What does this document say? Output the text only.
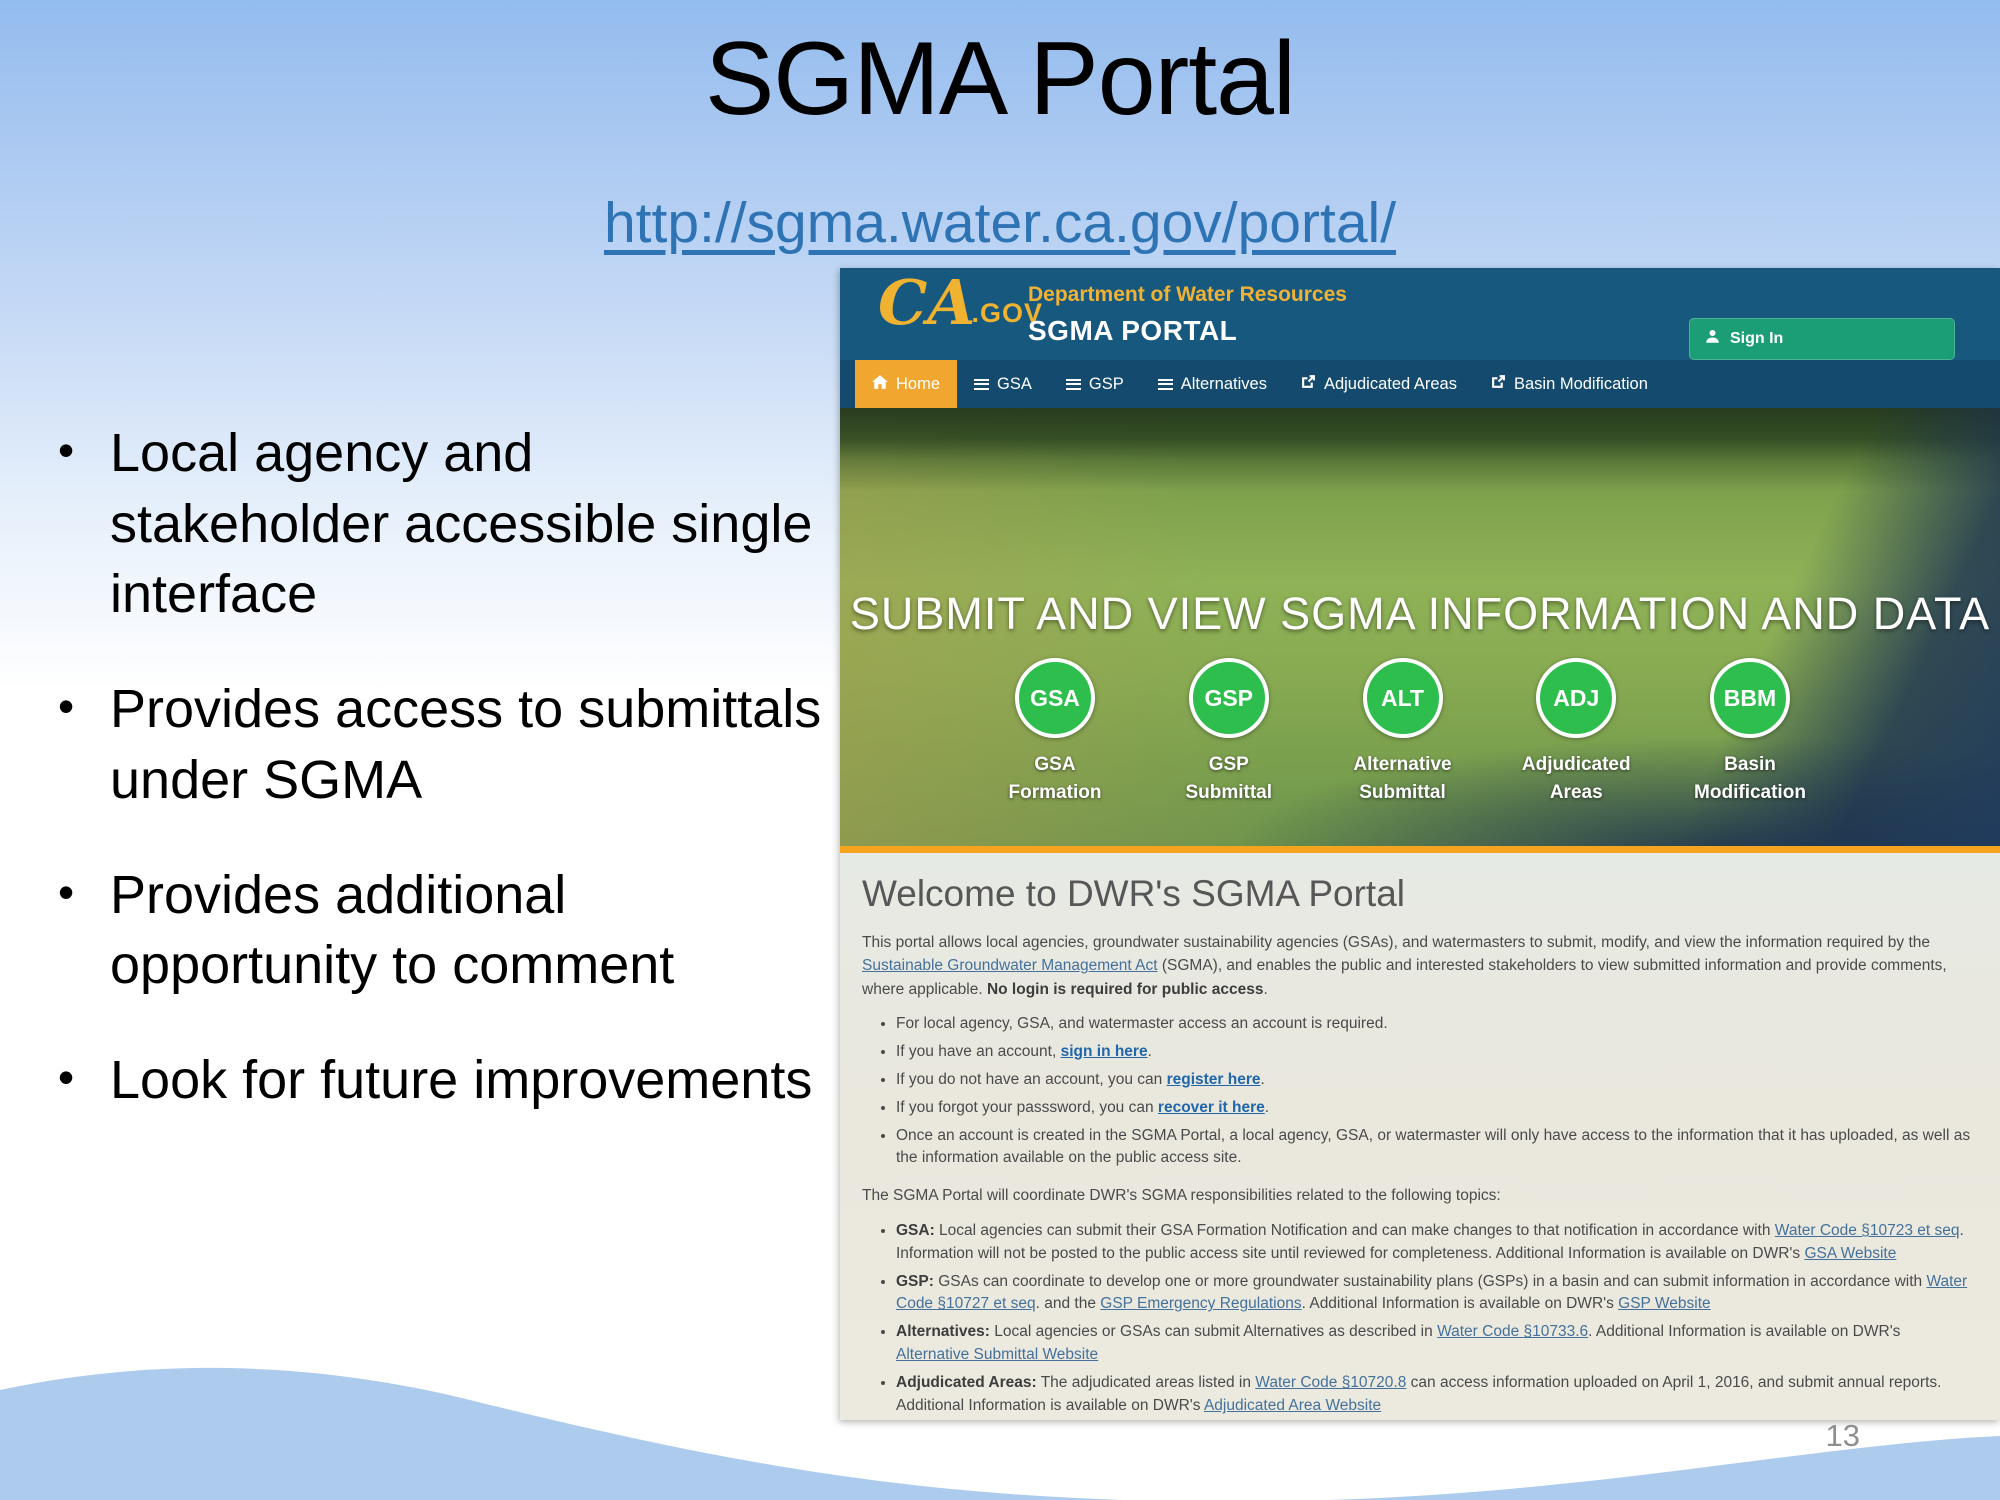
SGMA Portal
http://sgma.water.ca.gov/portal/
• Local agency and stakeholder accessible single interface
• Provides access to submittals under SGMA
• Provides additional opportunity to comment
• Look for future improvements
CA
.GOV
Department of Water Resources
SGMA PORTAL	Sign In
Home	GSA	GSP	Alternatives	Adjudicated Areas	Basin Modification
SUBMIT AND VIEW SGMA INFORMATION AND DATA
GSA
GSA
Formation
GSP
GSP
Submittal
ALT
Alternative
Submittal
ADJ
Adjudicated
Areas
BBM
Basin
Modification
Welcome to DWR's SGMA Portal

This portal allows local agencies, groundwater sustainability agencies (GSAs), and watermasters to submit, modify, and view the information required by the Sustainable Groundwater Management Act (SGMA), and enables the public and interested stakeholders to view submitted information and provide comments, where applicable. No login is required for public access.

• For local agency, GSA, and watermaster access an account is required.
• If you have an account, sign in here.
• If you do not have an account, you can register here.
• If you forgot your passsword, you can recover it here.
• Once an account is created in the SGMA Portal, a local agency, GSA, or watermaster will only have access to the information that it has uploaded, as well as the information available on the public access site.

The SGMA Portal will coordinate DWR's SGMA responsibilities related to the following topics:

• GSA: Local agencies can submit their GSA Formation Notification and can make changes to that notification in accordance with Water Code §10723 et seq. Information will not be posted to the public access site until reviewed for completeness. Additional Information is available on DWR's GSA Website
• GSP: GSAs can coordinate to develop one or more groundwater sustainability plans (GSPs) in a basin and can submit information in accordance with Water Code §10727 et seq. and the GSP Emergency Regulations. Additional Information is available on DWR's GSP Website
• Alternatives: Local agencies or GSAs can submit Alternatives as described in Water Code §10733.6. Additional Information is available on DWR's Alternative Submittal Website
• Adjudicated Areas: The adjudicated areas listed in Water Code §10720.8 can access information uploaded on April 1, 2016, and submit annual reports. Additional Information is available on DWR's Adjudicated Area Website

13
